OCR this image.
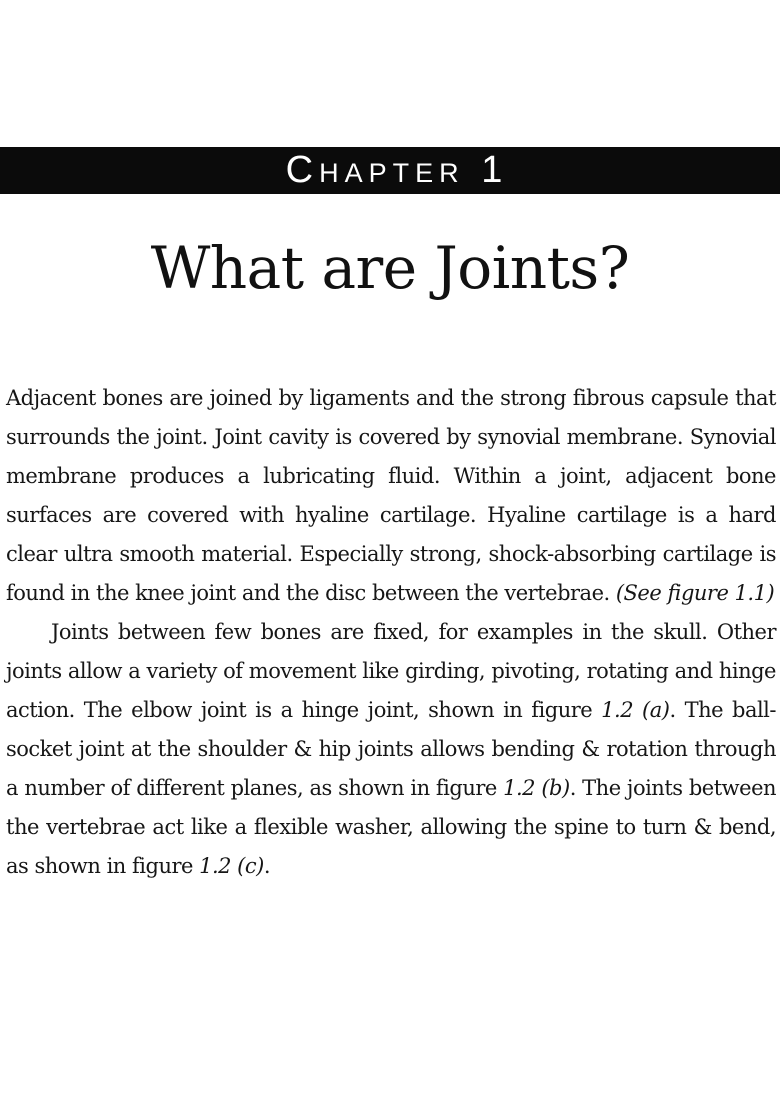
Chapter 1
What are Joints?

Adjacent bones are joined by ligaments and the strong fibrous capsule that surrounds the joint. Joint cavity is covered by synovial membrane. Synovial membrane produces a lubricating fluid. Within a joint, adjacent bone surfaces are covered with hyaline cartilage. Hyaline cartilage is a hard clear ultra smooth material. Especially strong, shock-absorbing cartilage is found in the knee joint and the disc between the vertebrae. (See figure 1.1)

Joints between few bones are fixed, for examples in the skull. Other joints allow a variety of movement like girding, pivoting, rotating and hinge action. The elbow joint is a hinge joint, shown in figure 1.2 (a). The ball-socket joint at the shoulder & hip joints allows bending & rotation through a number of different planes, as shown in figure 1.2 (b). The joints between the vertebrae act like a flexible washer, allowing the spine to turn & bend, as shown in figure 1.2 (c).
